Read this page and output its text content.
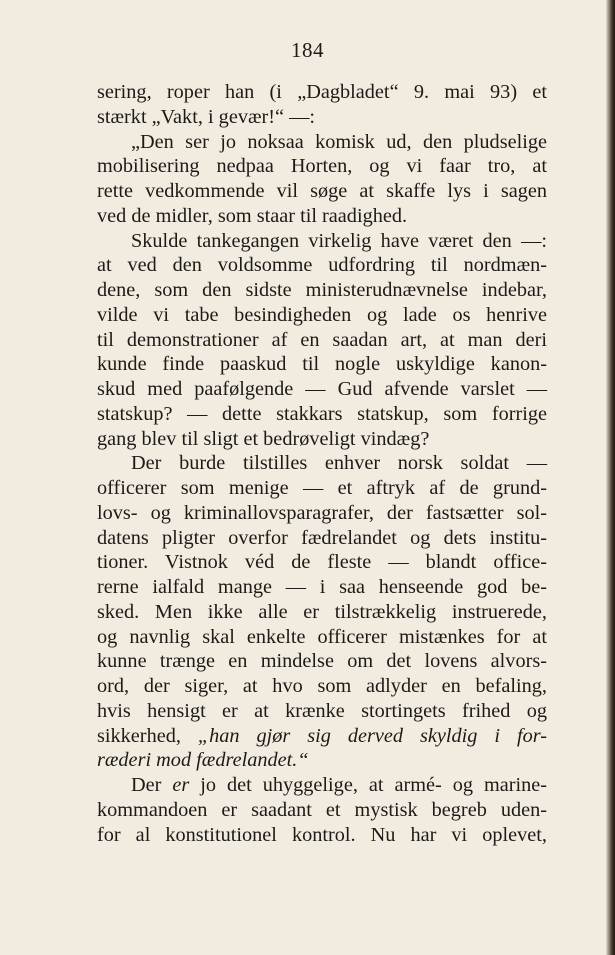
184
sering, roper han (i „Dagbladet“ 9. mai 93) et
stærkt „Vakt, i gevær!“ —:
„Den ser jo noksaa komisk ud, den pludselige
mobilisering nedpaa Horten, og vi faar tro, at
rette vedkommende vil søge at skaffe lys i sagen
ved de midler, som staar til raadighed.
Skulde tankegangen virkelig have været den —:
at ved den voldsomme udfordring til nordmæn-
dene, som den sidste ministerudnævnelse indebar,
vilde vi tabe besindigheden og lade os henrive
til demonstrationer af en saadan art, at man deri
kunde finde paaskud til nogle uskyldige kanon-
skud med paafølgende — Gud afvende varslet —
statskup? — dette stakkars statskup, som forrige
gang blev til sligt et bedrøveligt vindæg?
Der burde tilstilles enhver norsk soldat —
officerer som menige — et aftryk af de grund-
lovs- og kriminallovsparagrafer, der fastsætter sol-
datens pligter overfor fædrelandet og dets institu-
tioner. Vistnok véd de fleste — blandt office-
rerne ialfald mange — i saa henseende god be-
sked. Men ikke alle er tilstrækkelig instruerede,
og navnlig skal enkelte officerer mistænkes for at
kunne trænge en mindelse om det lovens alvors-
ord, der siger, at hvo som adlyder en befaling,
hvis hensigt er at krænke stortingets frihed og
sikkerhed, „han gjør sig derved skyldig i for-
ræderi mod fædrelandet.“
Der er jo det uhyggelige, at armé- og marine-
kommandoen er saadant et mystisk begreb uden-
for al konstitutionel kontrol. Nu har vi oplevet,
